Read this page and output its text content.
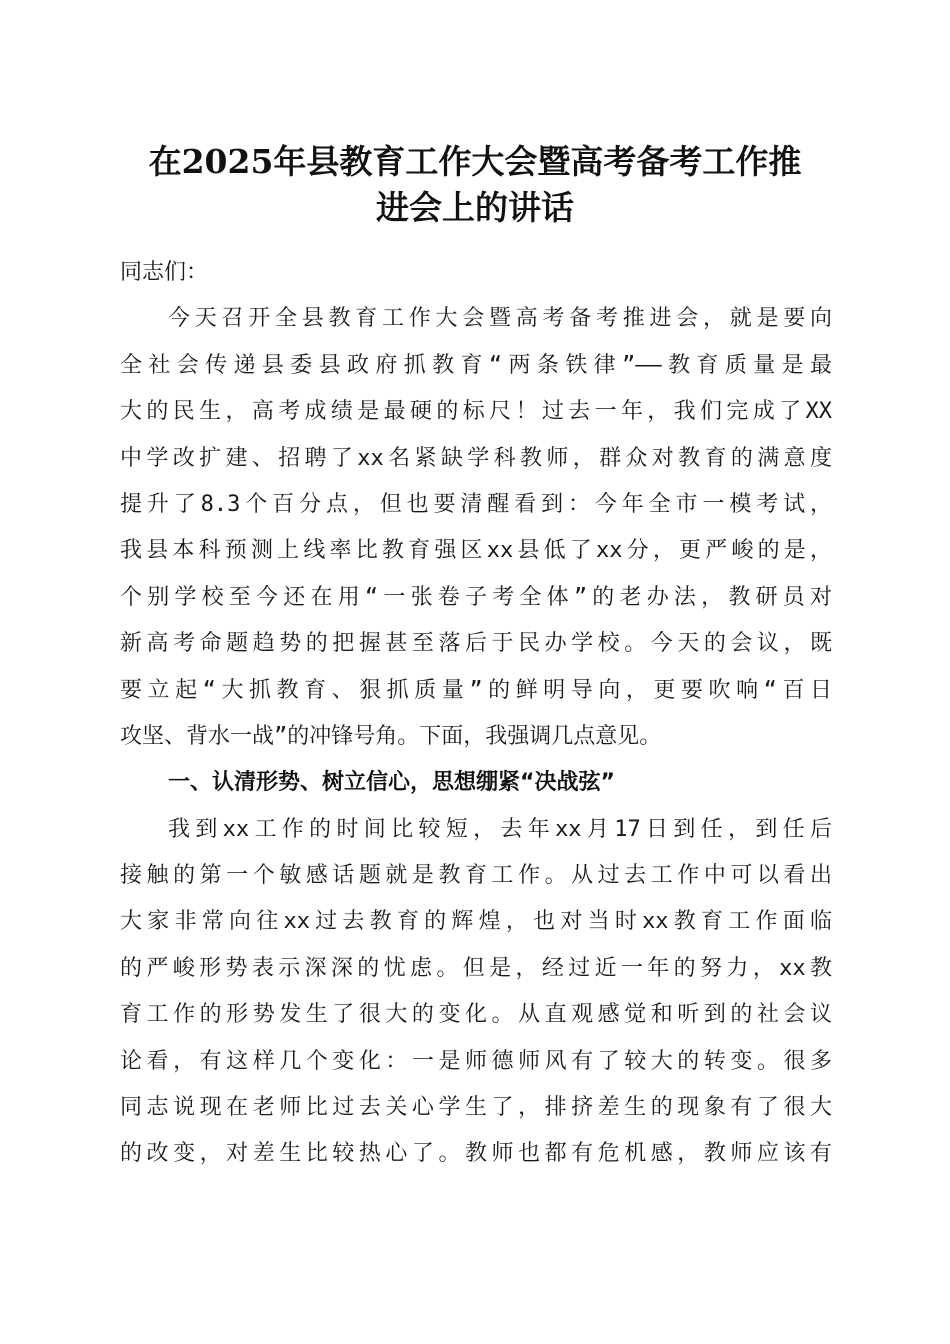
在2025年县教育工作大会暨高考备考工作推
进会上的讲话
同志们：
今天召开全县教育工作大会暨高考备考推进会，就是要向
全社会传递县委县政府抓教育“两条铁律”——教育质量是最
大的民生，高考成绩是最硬的标尺！过去一年，我们完成了XX
中学改扩建、招聘了xx名紧缺学科教师，群众对教育的满意度
提升了8.3个百分点，但也要清醒看到：今年全市一模考试，
我县本科预测上线率比教育强区xx县低了xx分，更严峻的是，
个别学校至今还在用“一张卷子考全体”的老办法，教研员对
新高考命题趋势的把握甚至落后于民办学校。今天的会议，既
要立起“大抓教育、狠抓质量”的鲜明导向，更要吹响“百日
攻坚、背水一战”的冲锋号角。下面，我强调几点意见。
一、认清形势、树立信心，思想绷紧“决战弦”
我到xx工作的时间比较短，去年xx月17日到任，到任后
接触的第一个敏感话题就是教育工作。从过去工作中可以看出
大家非常向往xx过去教育的辉煌，也对当时xx教育工作面临
的严峻形势表示深深的忧虑。但是，经过近一年的努力，xx教
育工作的形势发生了很大的变化。从直观感觉和听到的社会议
论看，有这样几个变化：一是师德师风有了较大的转变。很多
同志说现在老师比过去关心学生了，排挤差生的现象有了很大
的改变，对差生比较热心了。教师也都有危机感，教师应该有
